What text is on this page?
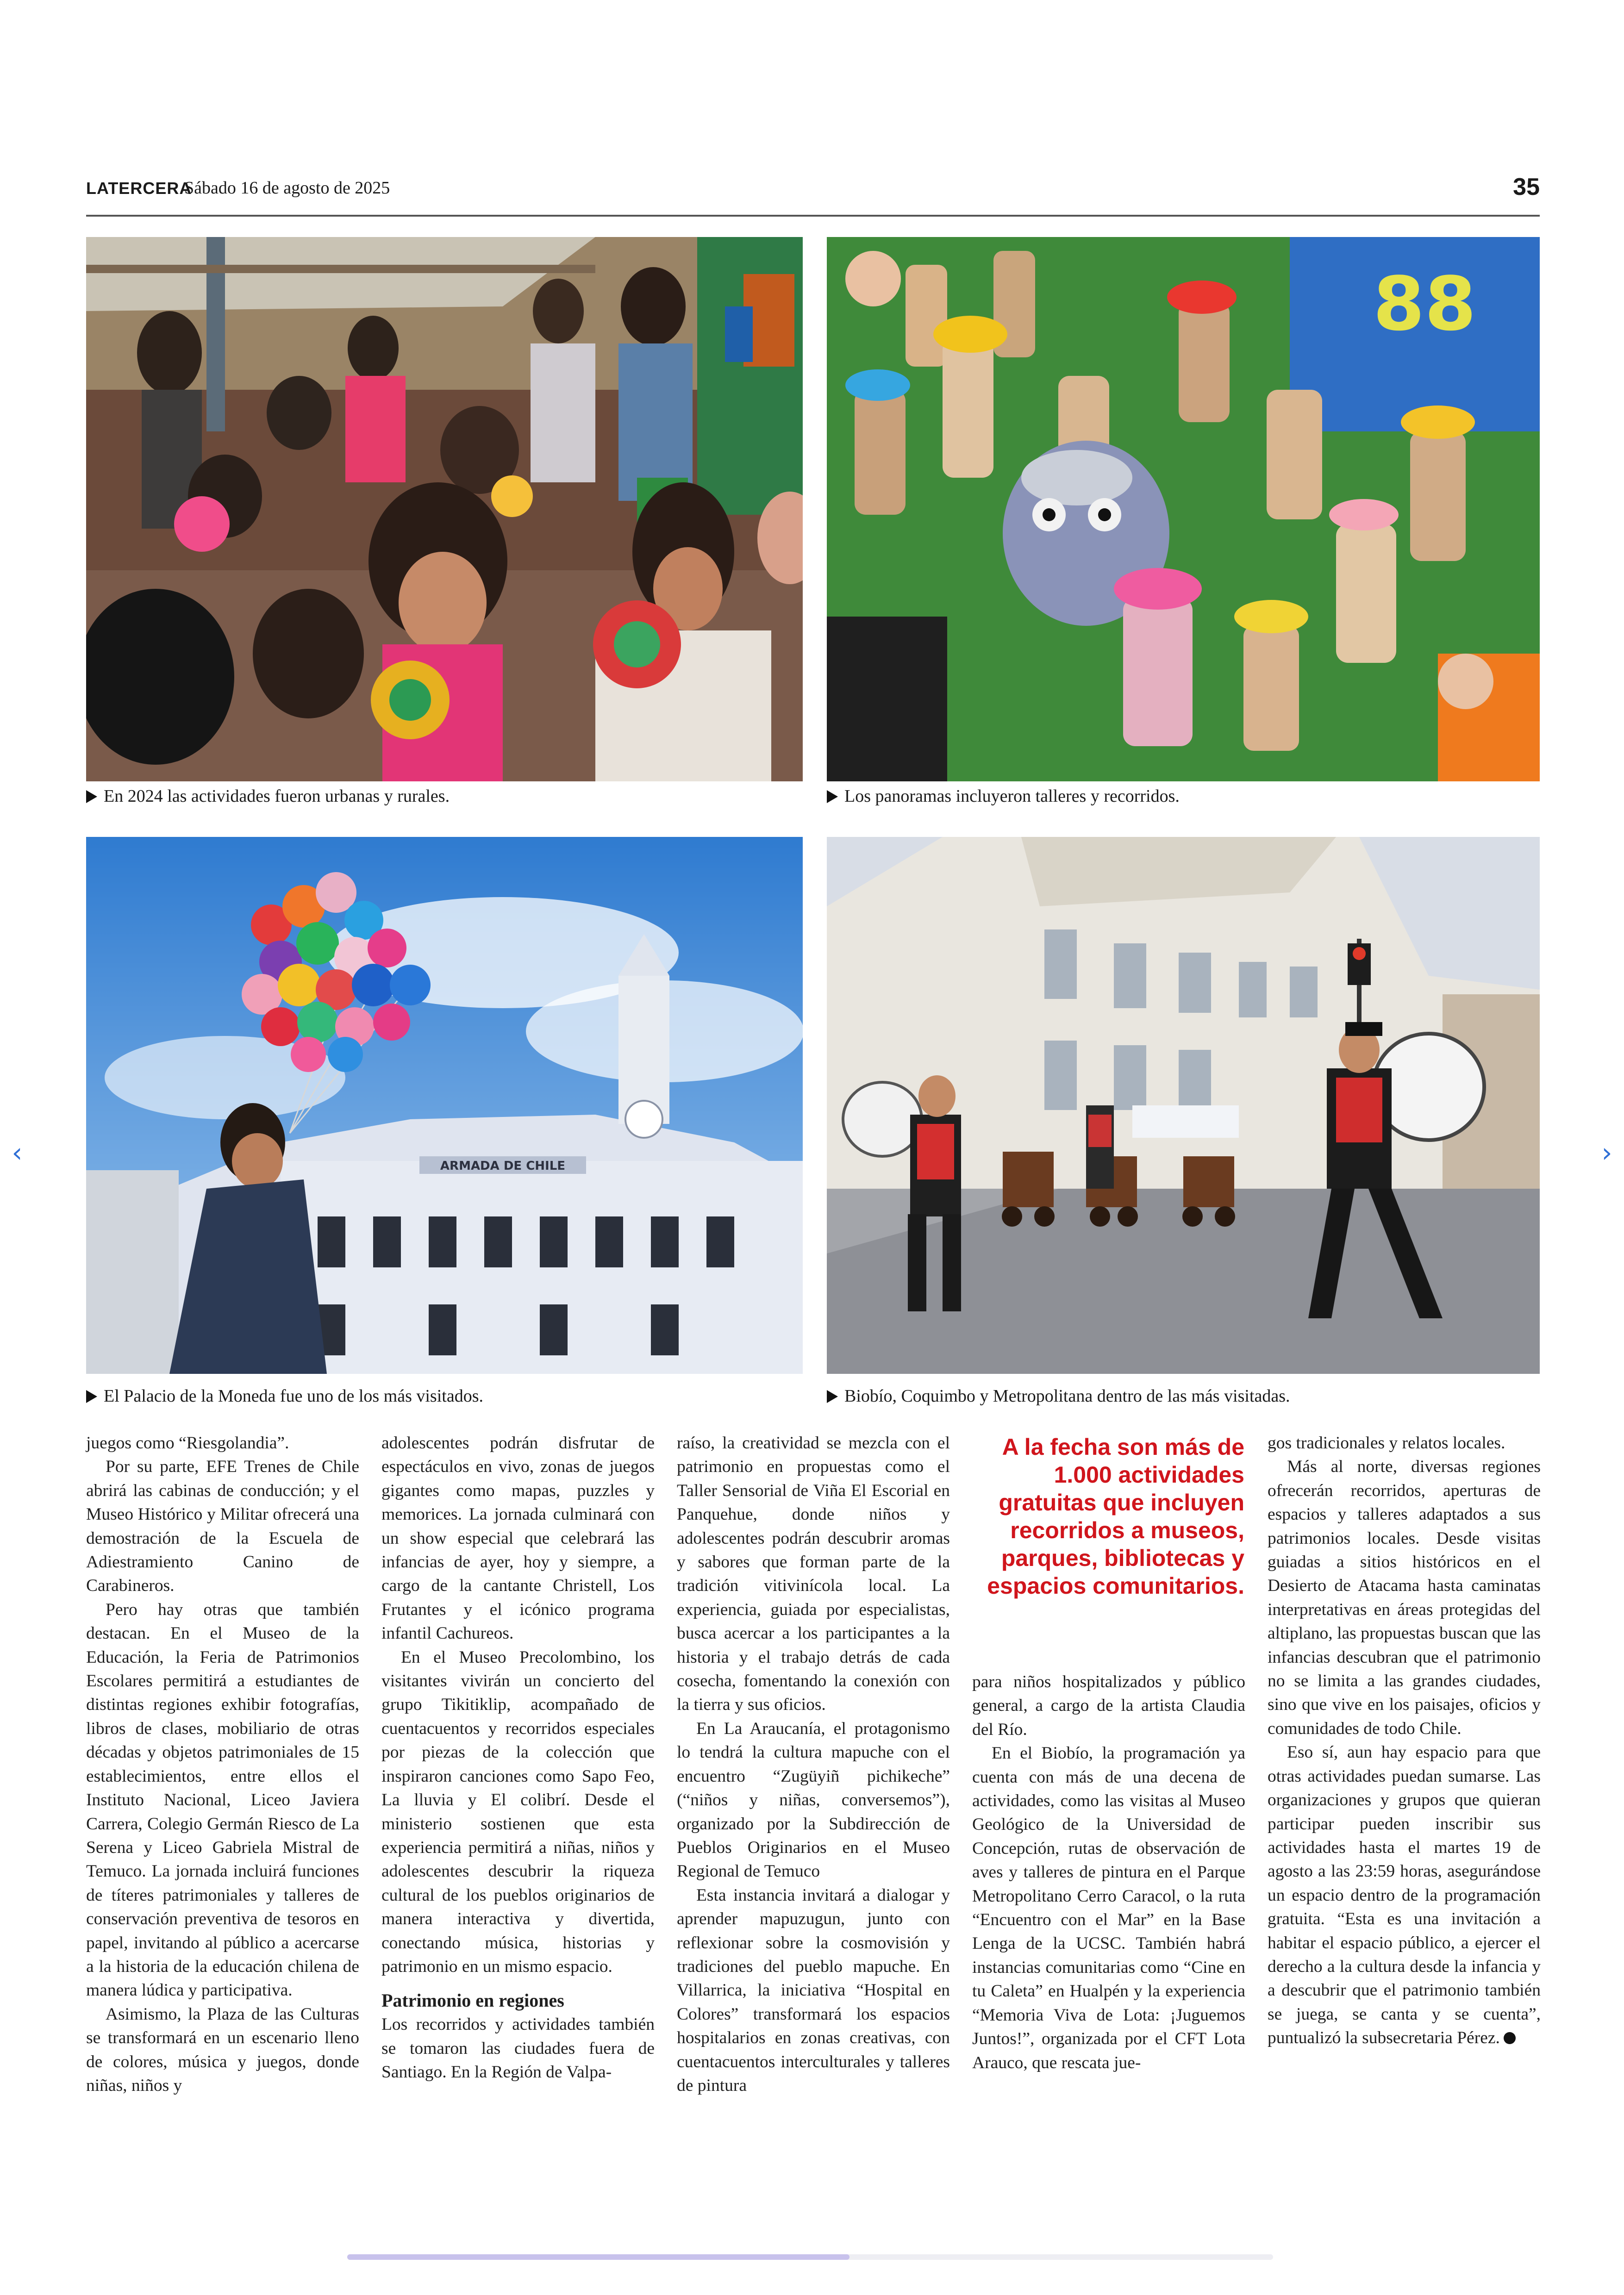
LATERCERA
Sábado 16 de agosto de 2025	35
En 2024 las actividades fueron urbanas y rurales.
88
Los panoramas incluyeron talleres y recorridos.
ARMADA DE CHILE
El Palacio de la Moneda fue uno de los más visitados.	Biobío, Coquimbo y Metropolitana dentro de las más visitadas.

juegos como “Riesgolandia”.

Por su parte, EFE Trenes de Chile abrirá las cabinas de conducción; y el Museo Histórico y Militar ofrecerá una demostración de la Escuela de Adiestramiento Canino de Carabineros.

Pero hay otras que también destacan. En el Museo de la Educación, la Feria de Patrimonios Escolares permitirá a estudiantes de distintas regiones exhibir fotografías, libros de clases, mobiliario de otras décadas y objetos patrimoniales de 15 establecimientos, entre ellos el Instituto Nacional, Liceo Javiera Carrera, Colegio Germán Riesco de La Serena y Liceo Gabriela Mistral de Temuco. La jornada incluirá funciones de títeres patrimoniales y talleres de conservación preventiva de tesoros en papel, invitando al público a acercarse a la historia de la educación chilena de manera lúdica y participativa.

Asimismo, la Plaza de las Culturas se transformará en un escenario lleno de colores, música y juegos, donde niñas, niños y

adolescentes podrán disfrutar de espectáculos en vivo, zonas de juegos gigantes como mapas, puzzles y memorices. La jornada culminará con un show especial que celebrará las infancias de ayer, hoy y siempre, a cargo de la cantante Christell, Los Frutantes y el icónico programa infantil Cachureos.

En el Museo Precolombino, los visitantes vivirán un concierto del grupo Tikitiklip, acompañado de cuentacuentos y recorridos especiales por piezas de la colección que inspiraron canciones como Sapo Feo, La lluvia y El colibrí. Desde el ministerio sostienen que esta experiencia permitirá a niñas, niños y adolescentes descubrir la riqueza cultural de los pueblos originarios de manera interactiva y divertida, conectando música, historias y patrimonio en un mismo espacio.

Patrimonio en regiones

Los recorridos y actividades también se tomaron las ciudades fuera de Santiago. En la Región de Valpa-

raíso, la creatividad se mezcla con el patrimonio en propuestas como el Taller Sensorial de Viña El Escorial en Panquehue, donde niños y adolescentes podrán descubrir aromas y sabores que forman parte de la tradición vitivinícola local. La experiencia, guiada por especialistas, busca acercar a los participantes a la historia y el trabajo detrás de cada cosecha, fomentando la conexión con la tierra y sus oficios.

En La Araucanía, el protagonismo lo tendrá la cultura mapuche con el encuentro “Zugüyiñ pichikeche” (“niños y niñas, conversemos”), organizado por la Subdirección de Pueblos Originarios en el Museo Regional de Temuco

Esta instancia invitará a dialogar y aprender mapuzugun, junto con reflexionar sobre la cosmovisión y tradiciones del pueblo mapuche. En Villarrica, la iniciativa “Hospital en Colores” transformará los espacios hospitalarios en zonas creativas, con cuentacuentos interculturales y talleres de pintura

A la fecha son más de 1.000 actividades gratuitas que incluyen recorridos a museos, parques, bibliotecas y espacios comunitarios.

para niños hospitalizados y público general, a cargo de la artista Claudia del Río.

En el Biobío, la programación ya cuenta con más de una decena de actividades, como las visitas al Museo Geológico de la Universidad de Concepción, rutas de observación de aves y talleres de pintura en el Parque Metropolitano Cerro Caracol, o la ruta “Encuentro con el Mar” en la Base Lenga de la UCSC. También habrá instancias comunitarias como “Cine en tu Caleta” en Hualpén y la experiencia “Memoria Viva de Lota: ¡Juguemos Juntos!”, organizada por el CFT Lota Arauco, que rescata jue-

gos tradicionales y relatos locales.

Más al norte, diversas regiones ofrecerán recorridos, aperturas de espacios y talleres adaptados a sus patrimonios locales. Desde visitas guiadas a sitios históricos en el Desierto de Atacama hasta caminatas interpretativas en áreas protegidas del altiplano, las propuestas buscan que las infancias descubran que el patrimonio no se limita a las grandes ciudades, sino que vive en los paisajes, oficios y comunidades de todo Chile.

Eso sí, aun hay espacio para que otras actividades puedan sumarse. Las organizaciones y grupos que quieran participar pueden inscribir sus actividades hasta el martes 19 de agosto a las 23:59 horas, asegurándose un espacio dentro de la programación gratuita. “Esta es una invitación a habitar el espacio público, a ejercer el derecho a la cultura desde la infancia y a descubrir que el patrimonio también se juega, se canta y se cuenta”, puntualizó la subsecretaria Pérez.

‹	›
